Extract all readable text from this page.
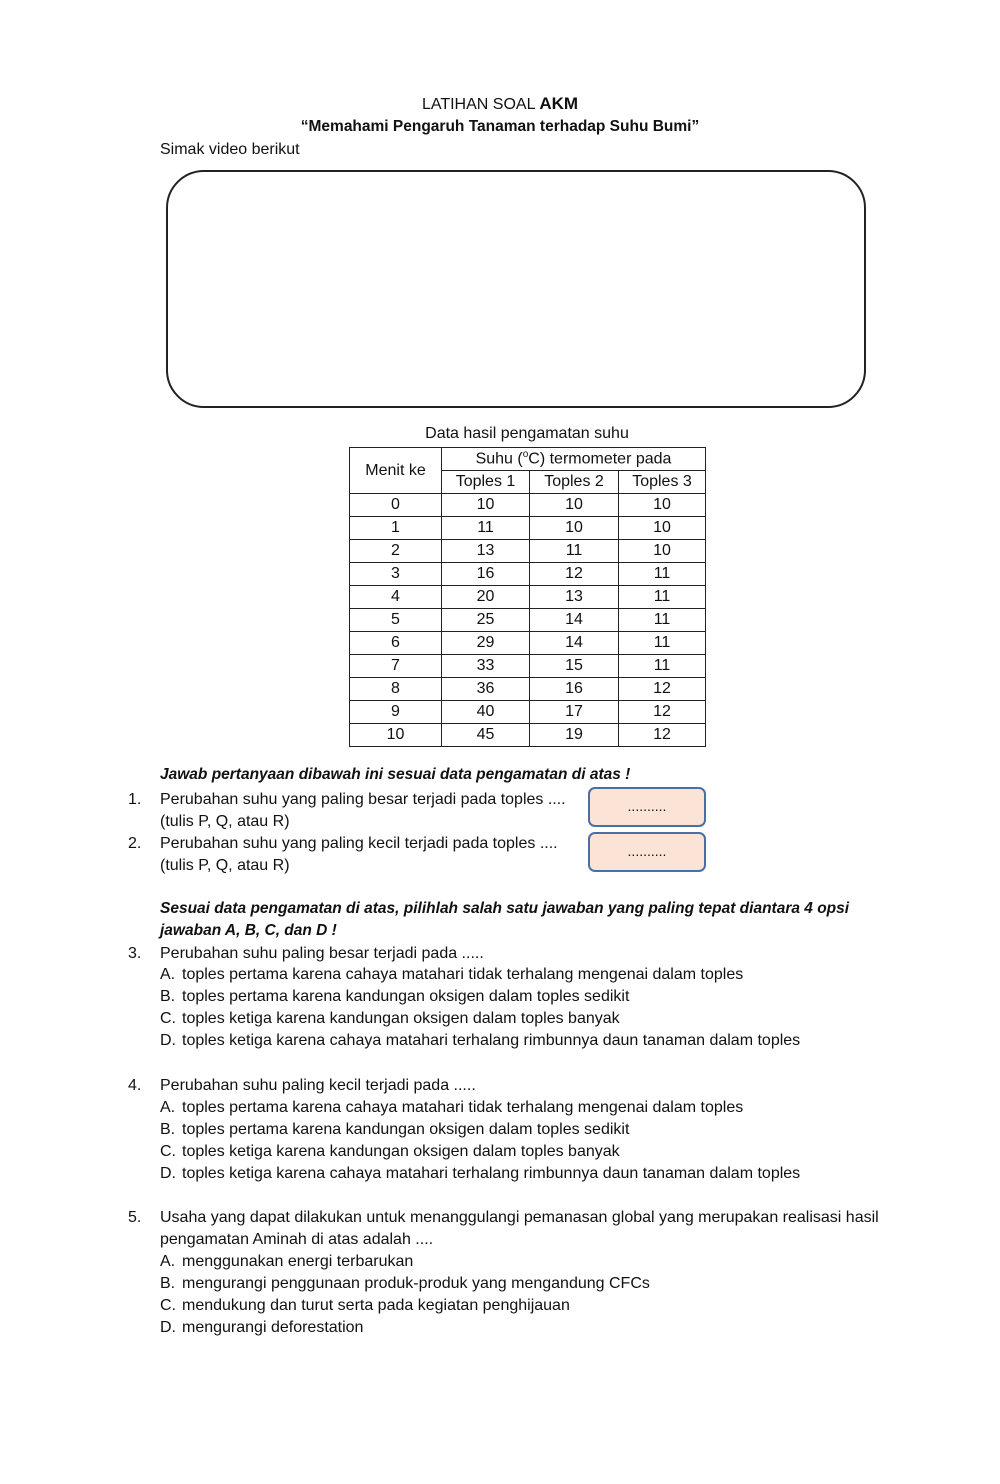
LATIHAN SOAL AKM
“Memahami Pengaruh Tanaman terhadap Suhu Bumi”
Simak video berikut
Data hasil pengamatan suhu
Menit ke	Suhu ($^o$C) termometer pada		
	Toples 1	Toples 2	Toples 3
0	10	10	10
1	11	10	10
2	13	11	10
3	16	12	11
4	20	13	11
5	25	14	11
6	29	14	11
7	33	15	11
8	36	16	12
9	40	17	12
10	45	19	12
Jawab pertanyaan dibawah ini sesuai data pengamatan di atas !
1. Perubahan suhu yang paling besar terjadi pada toples ....
(tulis P, Q, atau R)
..........
2. Perubahan suhu yang paling kecil terjadi pada toples ....
(tulis P, Q, atau R)
..........
Sesuai data pengamatan di atas, pilihlah salah satu jawaban yang paling tepat diantara 4 opsi
jawaban A, B, C, dan D !
3. Perubahan suhu paling besar terjadi pada .....
A. toples pertama karena cahaya matahari tidak terhalang mengenai dalam toples
B. toples pertama karena kandungan oksigen dalam toples sedikit
C. toples ketiga karena kandungan oksigen dalam toples banyak
D. toples ketiga karena cahaya matahari terhalang rimbunnya daun tanaman dalam toples
4. Perubahan suhu paling kecil terjadi pada .....
A. toples pertama karena cahaya matahari tidak terhalang mengenai dalam toples
B. toples pertama karena kandungan oksigen dalam toples sedikit
C. toples ketiga karena kandungan oksigen dalam toples banyak
D. toples ketiga karena cahaya matahari terhalang rimbunnya daun tanaman dalam toples
5. Usaha yang dapat dilakukan untuk menanggulangi pemanasan global yang merupakan realisasi hasil
pengamatan Aminah di atas adalah ....
A. menggunakan energi terbarukan
B. mengurangi penggunaan produk-produk yang mengandung CFCs
C. mendukung dan turut serta pada kegiatan penghijauan
D. mengurangi deforestation
